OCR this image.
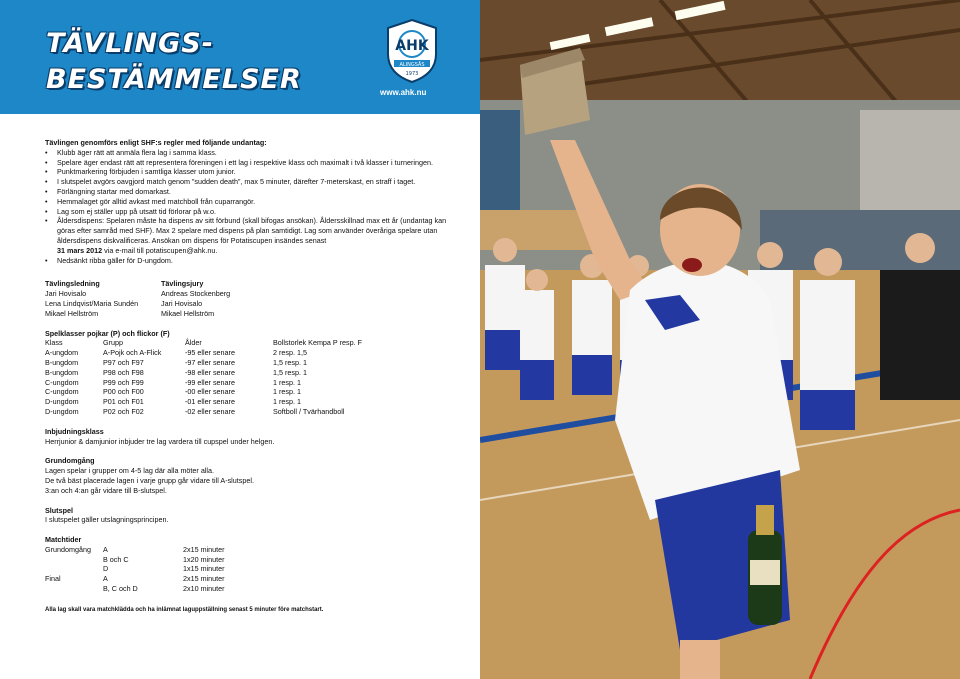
TÄVLINGS-
BESTÄMMELSER
AHK
ALINGSÅS
1973
www.ahk.nu

Tävlingen genomförs enligt SHF:s regler med följande undantag:

• Klubb äger rätt att anmäla flera lag i samma klass.
• Spelare äger endast rätt att representera föreningen i ett lag i respektive klass och maximalt i två klasser i turneringen.
• Punktmarkering förbjuden i samtliga klasser utom junior.
• I slutspelet avgörs oavgjord match genom ”sudden death”, max 5 minuter, därefter 7-meterskast, en straff i taget.
• Förlängning startar med domarkast.
• Hemmalaget gör alltid avkast med matchboll från cuparrangör.
• Lag som ej ställer upp på utsatt tid förlorar på w.o.
• Åldersdispens: Spelaren måste ha dispens av sitt förbund (skall bifogas ansökan). Åldersskillnad max ett år (undantag kan göras efter samråd med SHF). Max 2 spelare med dispens på plan samtidigt. Lag som använder överåriga spelare utan åldersdispens diskvalificeras. Ansökan om dispens för Potatiscupen insändes senast
31 mars 2012 via e-mail till potatiscupen@ahk.nu.
• Nedsänkt ribba gäller för D-ungdom.
Tävlingsledning
Jari Hovisalo
Lena Lindqvist/Maria Sundén
Mikael Hellström
Tävlingsjury
Andreas Stockenberg
Jari Hovisalo
Mikael Hellström
Spelklasser pojkar (P) och flickor (F)
Klass	Grupp	Ålder	Bollstorlek Kempa P resp. F
A-ungdom	A-Pojk och A-Flick	-95 eller senare	2 resp. 1,5
B-ungdom	P97 och F97	-97 eller senare	1,5 resp. 1
B-ungdom	P98 och F98	-98 eller senare	1,5 resp. 1
C-ungdom	P99 och F99	-99 eller senare	1 resp. 1
C-ungdom	P00 och F00	-00 eller senare	1 resp. 1
D-ungdom	P01 och F01	-01 eller senare	1 resp. 1
D-ungdom	P02 och F02	-02 eller senare	Softboll / Tvärhandboll
Inbjudningsklass
Herrjunior & damjunior inbjuder tre lag vardera till cupspel under helgen.
Grundomgång
Lagen spelar i grupper om 4-5 lag där alla möter alla.
De två bäst placerade lagen i varje grupp går vidare till A-slutspel.
3:an och 4:an går vidare till B-slutspel.
Slutspel
I slutspelet gäller utslagningsprincipen.
Matchtider
Grundomgång	A	2x15 minuter
	B och C	1x20 minuter
	D	1x15 minuter
Final	A	2x15 minuter
	B, C och D	2x10 minuter
Alla lag skall vara matchklädda och ha inlämnat laguppställning senast 5 minuter före matchstart.
